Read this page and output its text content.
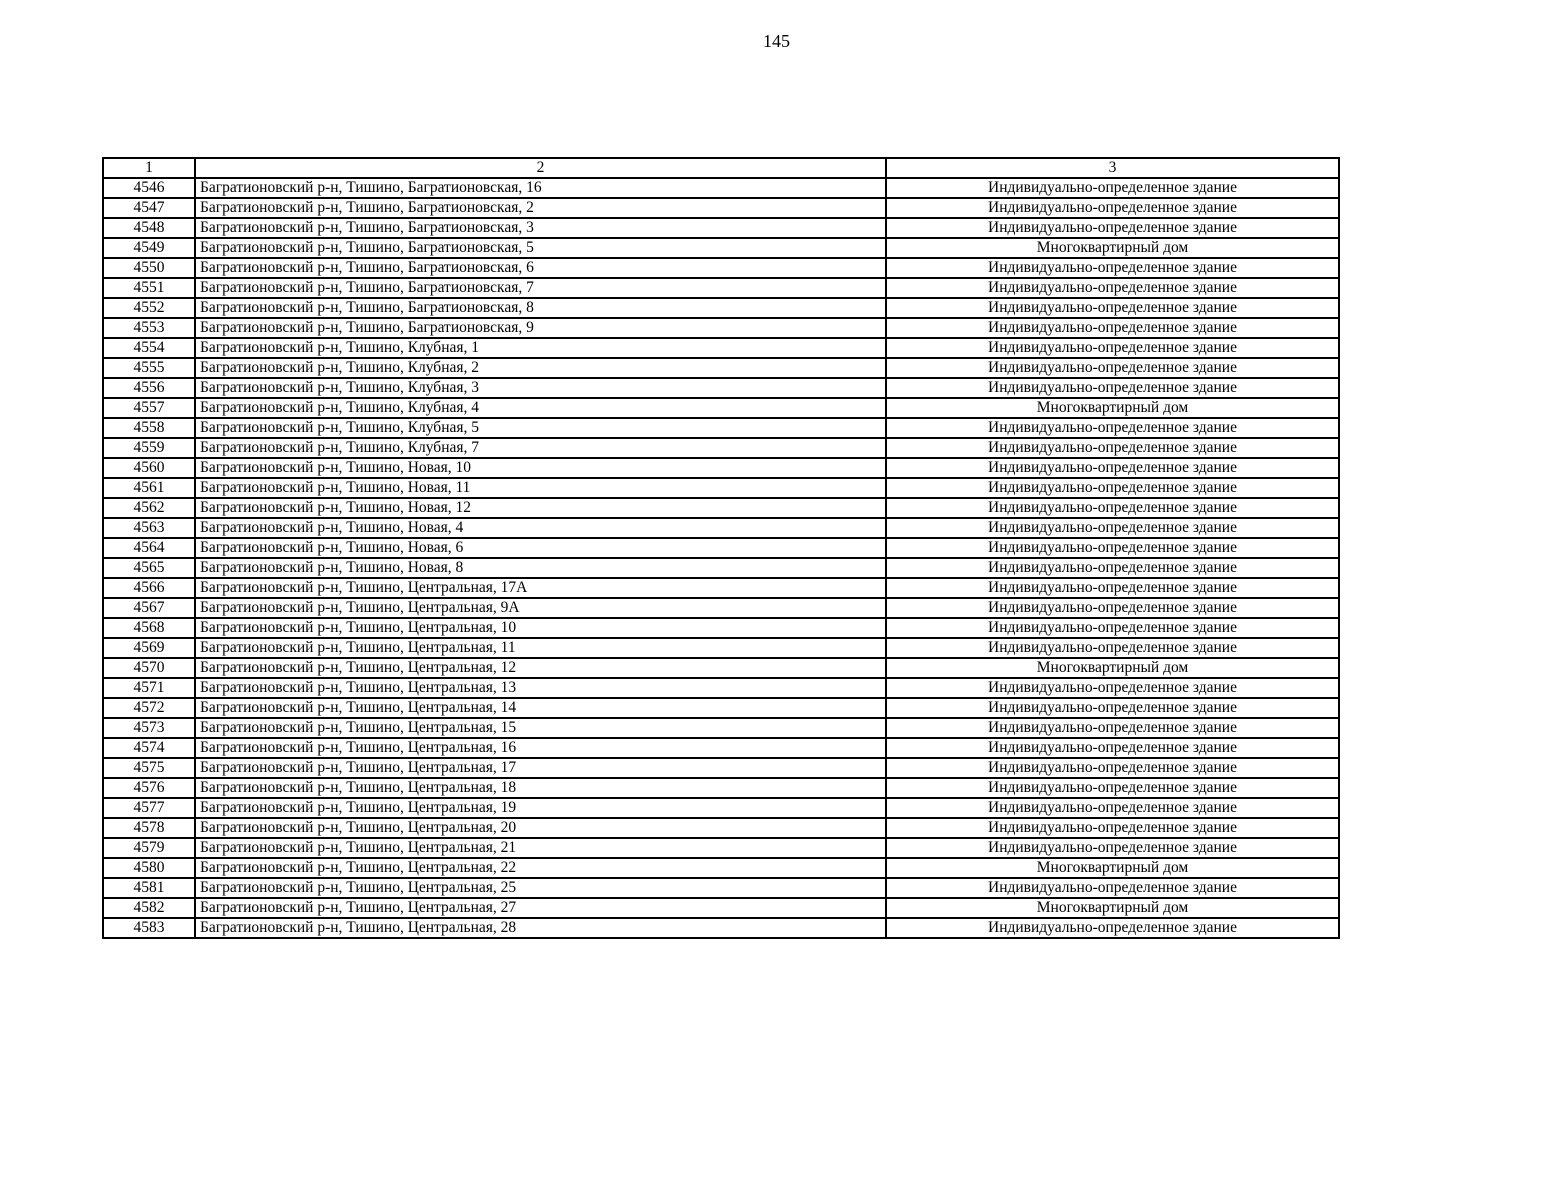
145
1	2	3
4546	Багратионовский р-н, Тишино, Багратионовская, 16	Индивидуально-определенное здание
4547	Багратионовский р-н, Тишино, Багратионовская, 2	Индивидуально-определенное здание
4548	Багратионовский р-н, Тишино, Багратионовская, 3	Индивидуально-определенное здание
4549	Багратионовский р-н, Тишино, Багратионовская, 5	Многоквартирный дом
4550	Багратионовский р-н, Тишино, Багратионовская, 6	Индивидуально-определенное здание
4551	Багратионовский р-н, Тишино, Багратионовская, 7	Индивидуально-определенное здание
4552	Багратионовский р-н, Тишино, Багратионовская, 8	Индивидуально-определенное здание
4553	Багратионовский р-н, Тишино, Багратионовская, 9	Индивидуально-определенное здание
4554	Багратионовский р-н, Тишино, Клубная, 1	Индивидуально-определенное здание
4555	Багратионовский р-н, Тишино, Клубная, 2	Индивидуально-определенное здание
4556	Багратионовский р-н, Тишино, Клубная, 3	Индивидуально-определенное здание
4557	Багратионовский р-н, Тишино, Клубная, 4	Многоквартирный дом
4558	Багратионовский р-н, Тишино, Клубная, 5	Индивидуально-определенное здание
4559	Багратионовский р-н, Тишино, Клубная, 7	Индивидуально-определенное здание
4560	Багратионовский р-н, Тишино, Новая, 10	Индивидуально-определенное здание
4561	Багратионовский р-н, Тишино, Новая, 11	Индивидуально-определенное здание
4562	Багратионовский р-н, Тишино, Новая, 12	Индивидуально-определенное здание
4563	Багратионовский р-н, Тишино, Новая, 4	Индивидуально-определенное здание
4564	Багратионовский р-н, Тишино, Новая, 6	Индивидуально-определенное здание
4565	Багратионовский р-н, Тишино, Новая, 8	Индивидуально-определенное здание
4566	Багратионовский р-н, Тишино, Центральная, 17А	Индивидуально-определенное здание
4567	Багратионовский р-н, Тишино, Центральная, 9А	Индивидуально-определенное здание
4568	Багратионовский р-н, Тишино, Центральная, 10	Индивидуально-определенное здание
4569	Багратионовский р-н, Тишино, Центральная, 11	Индивидуально-определенное здание
4570	Багратионовский р-н, Тишино, Центральная, 12	Многоквартирный дом
4571	Багратионовский р-н, Тишино, Центральная, 13	Индивидуально-определенное здание
4572	Багратионовский р-н, Тишино, Центральная, 14	Индивидуально-определенное здание
4573	Багратионовский р-н, Тишино, Центральная, 15	Индивидуально-определенное здание
4574	Багратионовский р-н, Тишино, Центральная, 16	Индивидуально-определенное здание
4575	Багратионовский р-н, Тишино, Центральная, 17	Индивидуально-определенное здание
4576	Багратионовский р-н, Тишино, Центральная, 18	Индивидуально-определенное здание
4577	Багратионовский р-н, Тишино, Центральная, 19	Индивидуально-определенное здание
4578	Багратионовский р-н, Тишино, Центральная, 20	Индивидуально-определенное здание
4579	Багратионовский р-н, Тишино, Центральная, 21	Индивидуально-определенное здание
4580	Багратионовский р-н, Тишино, Центральная, 22	Многоквартирный дом
4581	Багратионовский р-н, Тишино, Центральная, 25	Индивидуально-определенное здание
4582	Багратионовский р-н, Тишино, Центральная, 27	Многоквартирный дом
4583	Багратионовский р-н, Тишино, Центральная, 28	Индивидуально-определенное здание
